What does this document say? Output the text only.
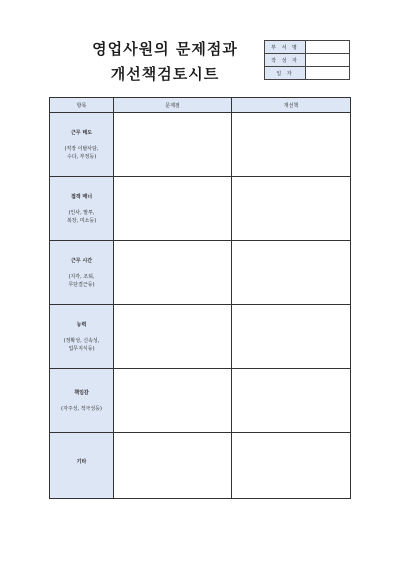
영업사원의 문제점과
개선책검토시트
부 서 명	
작 성 자	
일 자	
항목	문제점	개선책

근무 태도
(직장 이탈사담,
수다, 부정등)		

접객 매너
(인사, 말투,
복장, 미소등)		

근무 시간
(지각, 조퇴,
무단결근등)		

능력
(정확성, 신속성,
업무지식등)		

책임감
(자주성, 적극성등)		

기타		
